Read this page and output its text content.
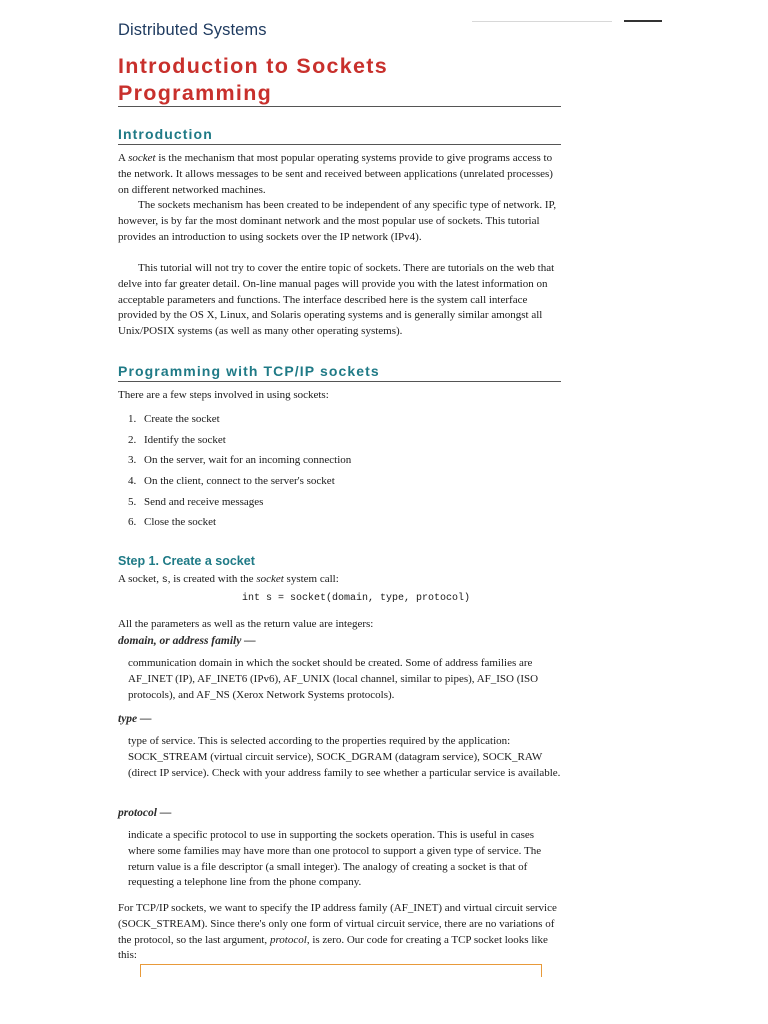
Distributed Systems
Introduction to Sockets
Programming
Introduction
A socket is the mechanism that most popular operating systems provide to give programs access to the network. It allows messages to be sent and received between applications (unrelated processes) on different networked machines.
The sockets mechanism has been created to be independent of any specific type of network. IP, however, is by far the most dominant network and the most popular use of sockets. This tutorial provides an introduction to using sockets over the IP network (IPv4).
This tutorial will not try to cover the entire topic of sockets. There are tutorials on the web that delve into far greater detail. On-line manual pages will provide you with the latest information on acceptable parameters and functions. The interface described here is the system call interface provided by the OS X, Linux, and Solaris operating systems and is generally similar amongst all Unix/POSIX systems (as well as many other operating systems).
Programming with TCP/IP sockets
There are a few steps involved in using sockets:
1. Create the socket
2. Identify the socket
3. On the server, wait for an incoming connection
4. On the client, connect to the server's socket
5. Send and receive messages
6. Close the socket
Step 1. Create a socket
A socket, s, is created with the socket system call:
int s = socket(domain, type, protocol)
All the parameters as well as the return value are integers:
domain, or address family —
communication domain in which the socket should be created. Some of address families are AF_INET (IP), AF_INET6 (IPv6), AF_UNIX (local channel, similar to pipes), AF_ISO (ISO protocols), and AF_NS (Xerox Network Systems protocols).
type —
type of service. This is selected according to the properties required by the application: SOCK_STREAM (virtual circuit service), SOCK_DGRAM (datagram service), SOCK_RAW (direct IP service). Check with your address family to see whether a particular service is available.
protocol —
indicate a specific protocol to use in supporting the sockets operation. This is useful in cases where some families may have more than one protocol to support a given type of service. The return value is a file descriptor (a small integer). The analogy of creating a socket is that of requesting a telephone line from the phone company.
For TCP/IP sockets, we want to specify the IP address family (AF_INET) and virtual circuit service (SOCK_STREAM). Since there's only one form of virtual circuit service, there are no variations of the protocol, so the last argument, protocol, is zero. Our code for creating a TCP socket looks like this:
